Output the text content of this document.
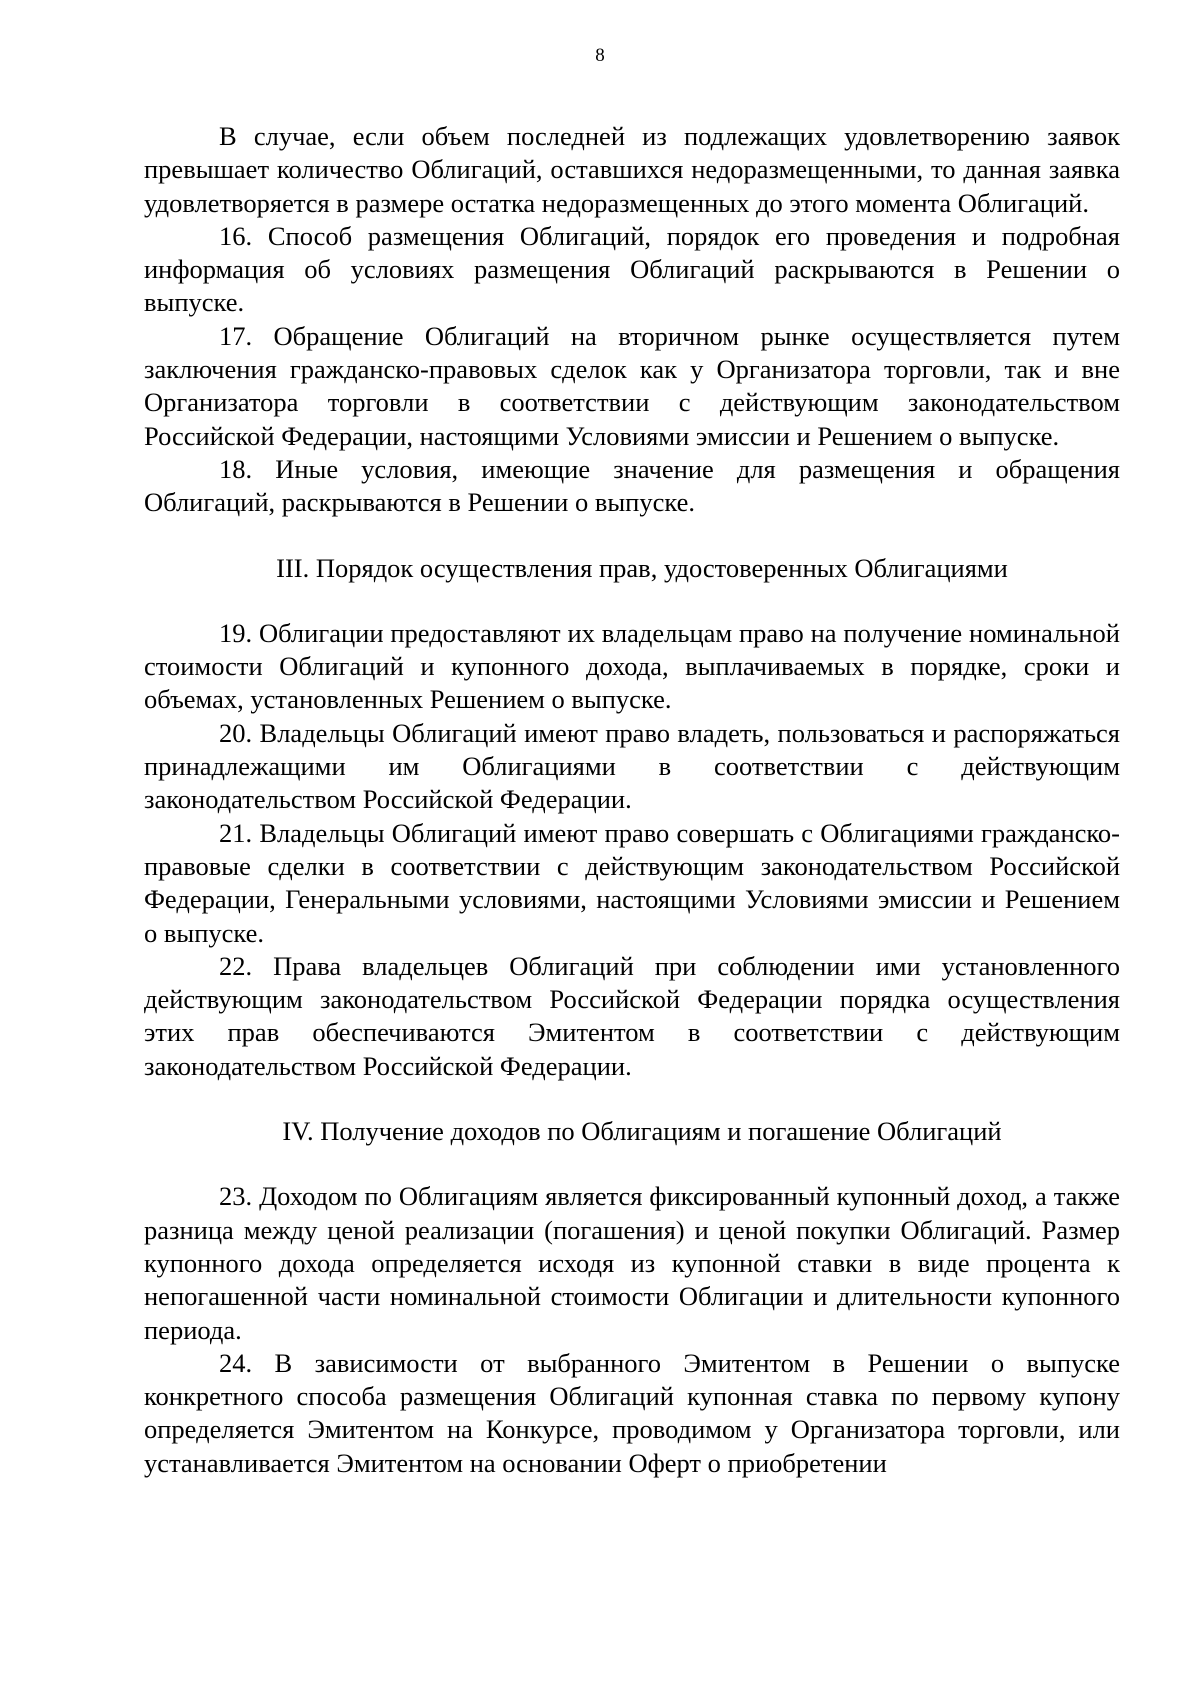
8

В случае, если объем последней из подлежащих удовлетворению заявок превышает количество Облигаций, оставшихся недоразмещенными, то данная заявка удовлетворяется в размере остатка недоразмещенных до этого момента Облигаций.

16. Способ размещения Облигаций, порядок его проведения и подробная информация об условиях размещения Облигаций раскрываются в Решении о выпуске.

17. Обращение Облигаций на вторичном рынке осуществляется путем заключения гражданско-правовых сделок как у Организатора торговли, так и вне Организатора торговли в соответствии с действующим законодательством Российской Федерации, настоящими Условиями эмиссии и Решением о выпуске.

18. Иные условия, имеющие значение для размещения и обращения Облигаций, раскрываются в Решении о выпуске.

III. Порядок осуществления прав, удостоверенных Облигациями

19. Облигации предоставляют их владельцам право на получение номинальной стоимости Облигаций и купонного дохода, выплачиваемых в порядке, сроки и объемах, установленных Решением о выпуске.

20. Владельцы Облигаций имеют право владеть, пользоваться и распоряжаться принадлежащими им Облигациями в соответствии с действующим законодательством Российской Федерации.

21. Владельцы Облигаций имеют право совершать с Облигациями гражданско-правовые сделки в соответствии с действующим законодательством Российской Федерации, Генеральными условиями, настоящими Условиями эмиссии и Решением о выпуске.

22. Права владельцев Облигаций при соблюдении ими установленного действующим законодательством Российской Федерации порядка осуществления этих прав обеспечиваются Эмитентом в соответствии с действующим законодательством Российской Федерации.

IV. Получение доходов по Облигациям и погашение Облигаций

23. Доходом по Облигациям является фиксированный купонный доход, а также разница между ценой реализации (погашения) и ценой покупки Облигаций. Размер купонного дохода определяется исходя из купонной ставки в виде процента к непогашенной части номинальной стоимости Облигации и длительности купонного периода.

24. В зависимости от выбранного Эмитентом в Решении о выпуске конкретного способа размещения Облигаций купонная ставка по первому купону определяется Эмитентом на Конкурсе, проводимом у Организатора торговли, или устанавливается Эмитентом на основании Оферт о приобретении
